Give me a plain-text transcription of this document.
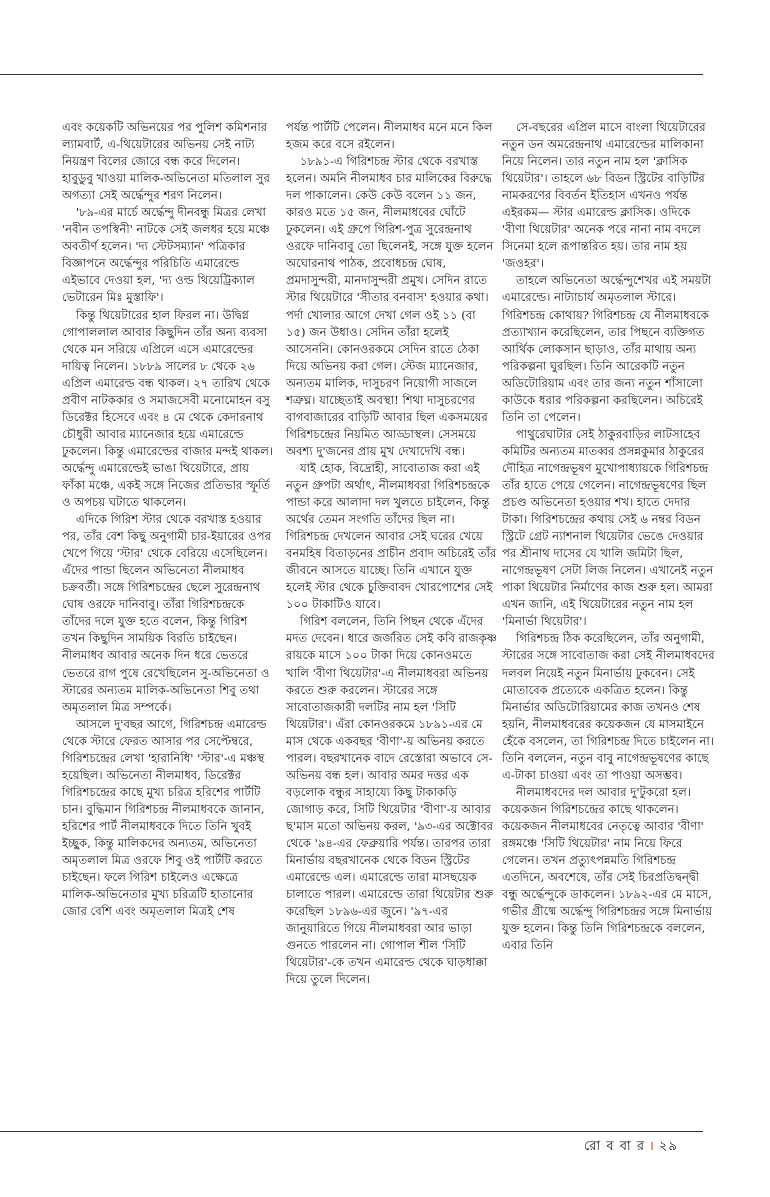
এবং কয়েকটি অভিনয়ের পর পুলিশ কমিশনার ল্যামবার্ট, এ-থিয়েটারের অভিনয় সেই নাট্য নিয়ন্ত্রণ বিলের জোরে বন্ধ করে দিলেন। হাবুডুবু খাওয়া মালিক-অভিনেতা মতিলাল সুর অগত্যা সেই অর্দ্ধেন্দুর শরণ নিলেন।

'৮৯-এর মার্চে অর্দ্ধেন্দু দীনবন্ধু মিত্রর লেখা 'নবীন তপস্বিনী' নাটকে সেই জলধর হয়ে মঞ্চে অবতীর্ণ হলেন। 'দ্য স্টেটসম্যান' পত্রিকার বিজ্ঞাপনে অর্দ্ধেন্দুর পরিচিতি এমারেল্ডে এইভাবে দেওয়া হল, 'দ্য ওল্ড থিয়েট্রিক্যাল ভেটারেন মিঃ মুস্তাফি'।

কিন্তু থিয়েটারের হাল ফিরল না। উদ্বিগ্ন গোপাললাল আবার কিছুদিন তাঁর অন্য ব্যবসা থেকে মন সরিয়ে এপ্রিলে এসে এমারেল্ডের দায়িত্ব নিলেন। ১৮৮৯ সালের ৮ থেকে ২৬ এপ্রিল এমারেল্ড বন্ধ থাকল। ২৭ তারিখ থেকে প্রবীণ নাটককার ও সমাজসেবী মনোমোহন বসু ডিরেক্টর হিসেবে এবং ৪ মে থেকে কেদারনাথ চৌধুরী আবার ম্যানেজার হয়ে এমারেল্ডে ঢুকলেন। কিন্তু এমারেল্ডের বাজার মন্দই থাকল। অর্দ্ধেন্দু এমারেল্ডেই ভাঙা থিয়েটারে, প্রায় ফাঁকা মঞ্চে, একই সঙ্গে নিজের প্রতিভার স্ফূর্তি ও অপচয় ঘটাতে থাকলেন।

এদিকে গিরিশ স্টার থেকে বরখাস্ত হওয়ার পর, তাঁর বেশ কিছু অনুগামী চার-ইয়ারের ওপর খেপে গিয়ে 'স্টার' থেকে বেরিয়ে এসেছিলেন। এঁদের পান্ডা ছিলেন অভিনেতা নীলমাধব চক্রবর্তী। সঙ্গে গিরিশচন্দ্রের ছেলে সুরেন্দ্রনাথ ঘোষ ওরফে দানিবাবু। তাঁরা গিরিশচন্দ্রকে তাঁদের দলে যুক্ত হতে বলেন, কিন্তু গিরিশ তখন কিছুদিন সাময়িক বিরতি চাইছেন। নীলমাধব আবার অনেক দিন ধরে ভেতরে ভেতরে রাগ পুষে রেখেছিলেন সু-অভিনেতা ও স্টারের অন্যতম মালিক-অভিনেতা শিবু তথা অমৃতলাল মিত্র সম্পর্কে।

আসলে দু'বছর আগে, গিরিশচন্দ্র এমারেল্ড থেকে স্টারে ফেরত আসার পর সেপ্টেম্বরে, গিরিশচন্দ্রের লেখা 'হারানিধি' 'স্টার'-এ মঞ্চস্থ হয়েছিল। অভিনেতা নীলমাধব, ডিরেক্টর গিরিশচন্দ্রের কাছে মুখ্য চরিত্র হরিশের পার্টটি চান। বুদ্ধিমান গিরিশচন্দ্র নীলমাধবকে জানান, হরিশের পার্ট নীলমাধবকে দিতে তিনি খুবই ইচ্ছুক, কিন্তু মালিকদের অন্যতম, অভিনেতা অমৃতলাল মিত্র ওরফে শিবু ওই পার্টটি করতে চাইছেন। ফলে গিরিশ চাইলেও এক্ষেত্রে মালিক-অভিনেতার মুখ্য চরিত্রটি হাতানোর জোর বেশি এবং অমৃতলাল মিত্রই শেষ

পর্যন্ত পার্টটি পেলেন। নীলমাধব মনে মনে কিল হজম করে বসে রইলেন।

১৮৯১-এ গিরিশচন্দ্র স্টার থেকে বরখাস্ত হলেন। অমনি নীলমাধব চার মালিকের বিরুদ্ধে দল পাকালেন। কেউ কেউ বলেন ১১ জন, কারও মতে ১৫ জন, নীলমাধবের ঘোঁটে ঢুকলেন। এই গ্রুপে গিরিশ-পুত্র সুরেন্দ্রনাথ ওরফে দানিবাবু তো ছিলেনই, সঙ্গে যুক্ত হলেন অঘোরনাথ পাঠক, প্রবোধচন্দ্র ঘোষ, প্রমদাসুন্দরী, মানদাসুন্দরী প্রমুখ। সেদিন রাতে স্টার থিয়েটারে 'সীতার বনবাস' হওয়ার কথা। পর্দা খোলার আগে দেখা গেল ওই ১১ (বা ১৫) জন উধাও। সেদিন তাঁরা হলেই আসেননি। কোনওরকমে সেদিন রাতে ঠেকা দিয়ে অভিনয় করা গেল। স্টেজ ম্যানেজার, অন্যতম মালিক, দাসুচরণ নিয়োগী সাজলে শত্রুঘ্ন। যাচ্ছেতাই অবস্থা! শিথা দাসুচরণের বাগবাজারের বাড়িটি আবার ছিল একসময়ের গিরিশচন্দ্রের নিয়মিত আড্ডাস্থল। সেসময়ে অবশ্য দু'জনের প্রায় মুখ দেখাদেখি বন্ধ।

যাই হোক, বিদ্রোহী, সাবোতাজ করা এই নতুন গ্রুপটা অর্থাৎ, নীলমাধবরা গিরিশচন্দ্রকে পান্ডা করে আলাদা দল খুলতে চাইলেন, কিন্তু অর্থের তেমন সংগতি তাঁদের ছিল না। গিরিশচন্দ্র দেখলেন আবার সেই ঘরের খেয়ে বনমহিষ বিতাড়নের প্রাচীন প্রবাদ অচিরেই তাঁর জীবনে আসতে যাচ্ছে। তিনি এখানে যুক্ত হলেই স্টার থেকে চুক্তিবাবদ খোরপোশের সেই ১০০ টাকাটিও যাবে।

গিরিশ বললেন, তিনি পিছন থেকে এঁদের মদত দেবেন। ধারে জর্জরিত সেই কবি রাজকৃষ্ণ রায়কে মাসে ১০০ টাকা দিয়ে কোনওমতে খালি 'বীণা থিয়েটার'-এ নীলমাধবরা অভিনয় করতে শুরু করলেন। স্টারের সঙ্গে সাবোতাজকারী দলটির নাম হল 'সিটি থিয়েটার'। এঁরা কোনওরকমে ১৮৯১-এর মে মাস থেকে একবছর 'বীণা'-য় অভিনয় করতে পারল। বছরখানেক বাদে রেস্তোরা অভাবে সে-অভিনয় বন্ধ হল। আবার অমর দত্তর এক বড়লোক বন্ধুর সাহায্যে কিছু টাকাকড়ি জোগাড় করে, সিটি থিয়েটার 'বীণা'-য় আবার ছ'মাস মতো অভিনয় করল, '৯৩-এর অক্টোবর থেকে '৯৪-এর ফেব্রুয়ারি পর্যন্ত। তারপর তারা মিনার্ভায় বছরখানেক থেকে বিডন স্ট্রিটের এমারেল্ডে এল। এমারেল্ডে তারা মাসছয়েক চালাতে পারল। এমারেল্ডে তারা থিয়েটার শুরু করেছিল ১৮৯৬-এর জুনে। '৯৭-এর জানুয়ারিতে গিয়ে নীলমাধবরা আর ভাড়া গুনতে পারলেন না। গোপাল শীল 'সিটি থিয়েটার'-কে তখন এমারেল্ড থেকে ঘাড়ধাক্কা দিয়ে তুলে দিলেন।

সে-বছরের এপ্রিল মাসে বাংলা থিয়েটারের নতুন ডন অমরেন্দ্রনাথ এমারেল্ডের মালিকানা নিয়ে নিলেন। তার নতুন নাম হল 'ক্লাসিক থিয়েটার'। তাহলে ৬৮ বিডন স্ট্রিটের বাড়িটির নামকরণের বিবর্তন ইতিহাস এখনও পর্যন্ত এইরকম— স্টার এমারেল্ড ক্লাসিক। ওদিকে 'বীণা থিয়েটার' অনেক পরে নানা নাম বদলে সিনেমা হলে রূপান্তরিত হয়। তার নাম হয় 'জওহর'।

তাহলে অভিনেতা অর্দ্ধেন্দুশেখর এই সময়টা এমারেল্ডে। নাট্যাচার্য অমৃতলাল স্টারে। গিরিশচন্দ্র কোথায়? গিরিশচন্দ্র যে নীলমাধবকে প্রত্যাখ্যান করেছিলেন, তার পিছনে ব্যক্তিগত আর্থিক লোকসান ছাড়াও, তাঁর মাথায় অন্য পরিকল্পনা ঘুরছিল। তিনি আরেকটি নতুন অডিটোরিয়াম এবং তার জন্য নতুন শাঁসালো কাউকে ধরার পরিকল্পনা করছিলেন। অচিরেই তিনি তা পেলেন।

পাথুরেঘাটার সেই ঠাকুরবাড়ির লাটসাহেব কমিটির অন্যতম মাতব্বর প্রসন্নকুমার ঠাকুরের দৌহিত্র নাগেন্দ্রভূষণ মুখোপাধ্যায়কে গিরিশচন্দ্র তাঁর হাতে পেয়ে গেলেন। নাগেন্দ্রভূষণের ছিল প্রচণ্ড অভিনেতা হওয়ার শখ। হাতে দেদার টাকা। গিরিশচন্দ্রের কথায় সেই ৬ নম্বর বিডন স্ট্রিটে গ্রেট ন্যাশনাল থিয়েটার ভেঙে দেওয়ার পর শ্রীনাথ দাসের যে খালি জমিটা ছিল, নাগেন্দ্রভূষণ সেটা লিজ নিলেন। এখানেই নতুন পাকা থিয়েটার নির্মাণের কাজ শুরু হল। আমরা এখন জানি, এই থিয়েটারের নতুন নাম হল 'মিনার্ভা থিয়েটার'।

গিরিশচন্দ্র ঠিক করেছিলেন, তাঁর অনুগামী, স্টারের সঙ্গে সাবোতাজ করা সেই নীলমাধবদের দলবল নিয়েই নতুন মিনার্ভায় ঢুকবেন। সেই মোতাবেক প্রত্যেকে একত্রিত হলেন। কিন্তু মিনার্ভার অডিটোরিয়ামের কাজ তখনও শেষ হয়নি, নীলমাধবরের কয়েকজন যে মাসমাইনে হেঁকে বসলেন, তা গিরিশচন্দ্র দিতে চাইলেন না। তিনি বললেন, নতুন বাবু নাগেন্দ্রভূষণের কাছে এ-টাকা চাওয়া এবং তা পাওয়া অসম্ভব।

নীলমাধবদের দল আবার দু'টুকরো হল। কয়েকজন গিরিশচন্দ্রের কাছে থাকলেন। কয়েকজন নীলমাধবের নেতৃত্বে আবার 'বীণা' রঙ্গমঞ্চে 'সিটি থিয়েটার' নাম নিয়ে ফিরে গেলেন। তখন প্রত্যুৎপন্নমতি গিরিশচন্দ্র এতদিনে, অবশেষে, তাঁর সেই চিরপ্রতিদ্বন্দ্বী বন্ধু অর্দ্ধেন্দুকে ডাকলেন। ১৮৯২-এর মে মাসে, গভীর গ্রীষ্মে অর্দ্ধেন্দু গিরিশচন্দ্রর সঙ্গে মিনার্ভায় যুক্ত হলেন। কিন্তু তিনি গিরিশচন্দ্রকে বললেন, এবার তিনি

রো ব বা র । ২৯
